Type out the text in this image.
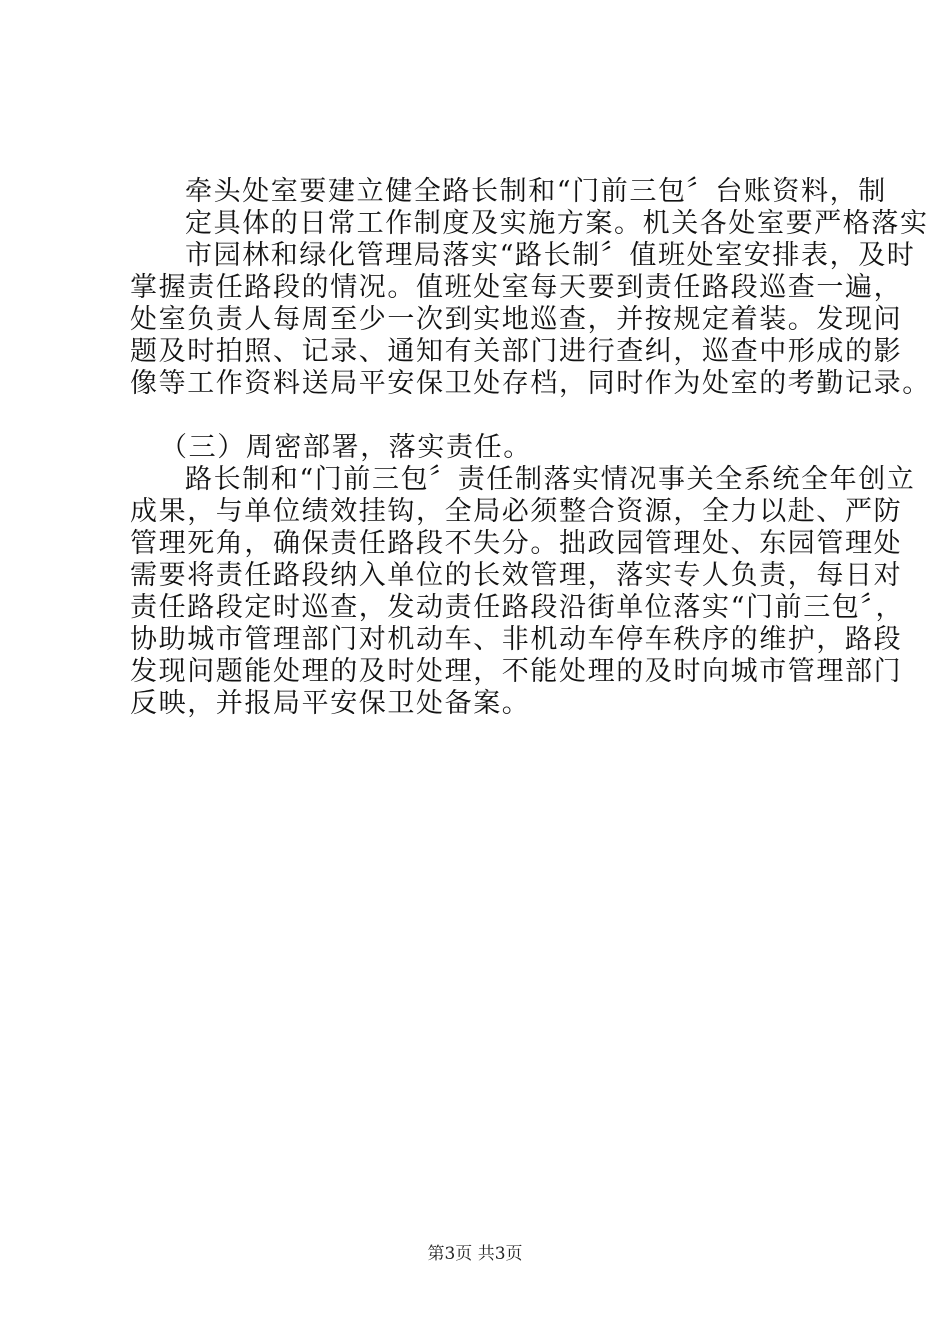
牵头处室要建立健全路长制和“门前三包〞台账资料，制
定具体的日常工作制度及实施方案。机关各处室要严格落实
市园林和绿化管理局落实“路长制〞值班处室安排表，及时
掌握责任路段的情况。值班处室每天要到责任路段巡查一遍，
处室负责人每周至少一次到实地巡查，并按规定着装。发现问
题及时拍照、记录、通知有关部门进行查纠，巡查中形成的影
像等工作资料送局平安保卫处存档，同时作为处室的考勤记录。
（三）周密部署，落实责任。
路长制和“门前三包〞责任制落实情况事关全系统全年创立
成果，与单位绩效挂钩，全局必须整合资源，全力以赴、严防
管理死角，确保责任路段不失分。拙政园管理处、东园管理处
需要将责任路段纳入单位的长效管理，落实专人负责，每日对
责任路段定时巡查，发动责任路段沿街单位落实“门前三包〞，
协助城市管理部门对机动车、非机动车停车秩序的维护，路段
发现问题能处理的及时处理，不能处理的及时向城市管理部门
反映，并报局平安保卫处备案。
第3页 共3页
